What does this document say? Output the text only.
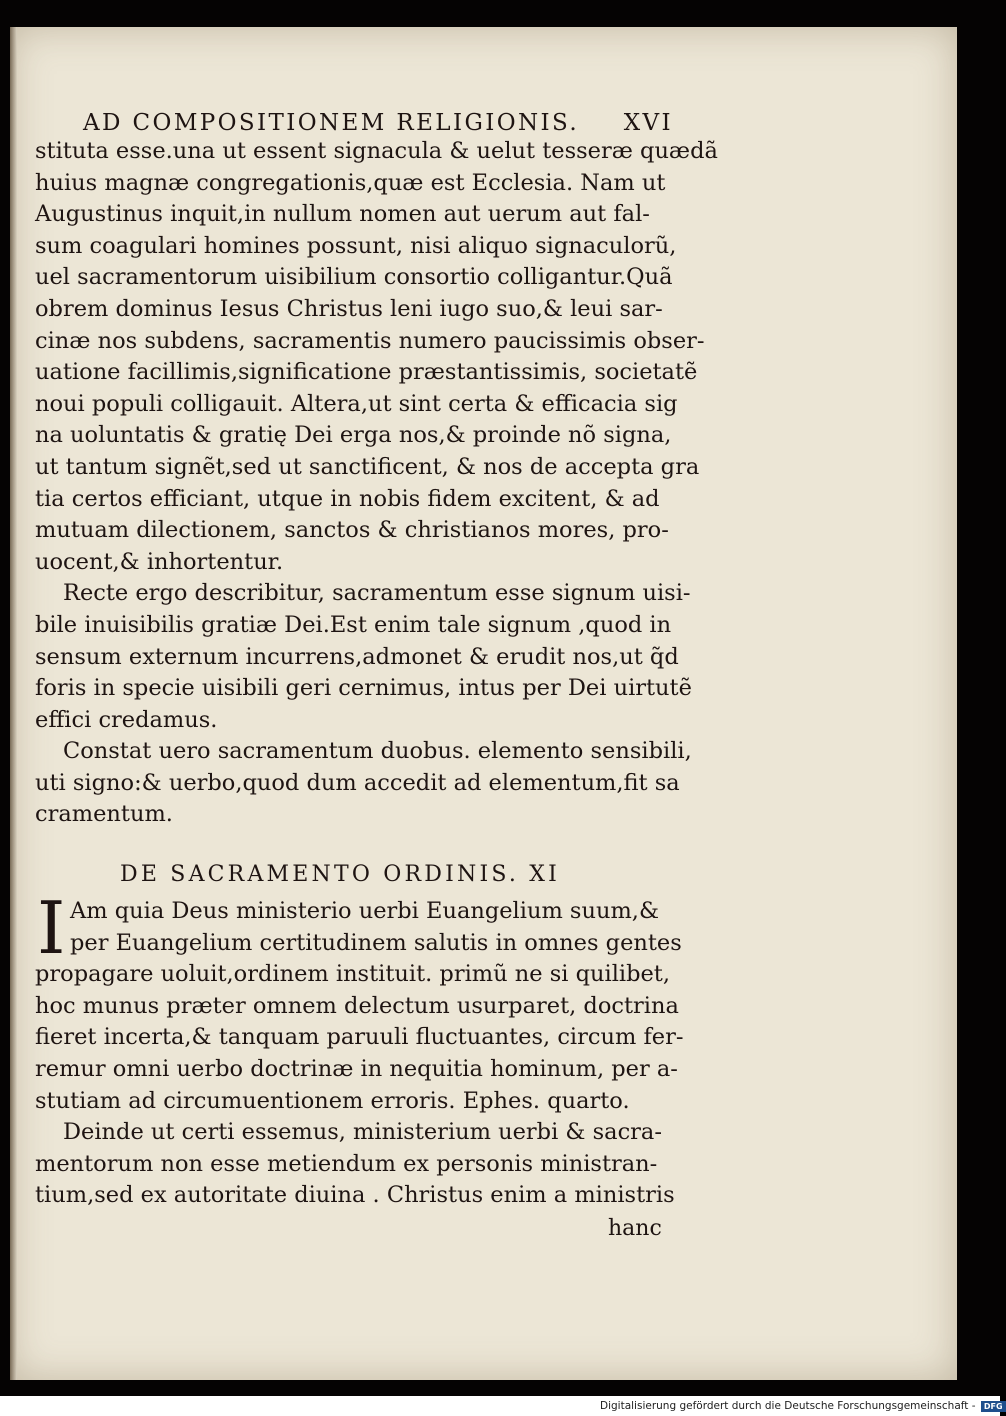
AD COMPOSITIONEM RELIGIONIS. XVI
stituta esse.una ut essent signacula & uelut tesseræ quædã
huius magnæ congregationis,quæ est Ecclesia. Nam ut
Augustinus inquit,in nullum nomen aut uerum aut fal-
sum coagulari homines possunt, nisi aliquo signaculorũ,
uel sacramentorum uisibilium consortio colligantur.Quã
obrem dominus Iesus Christus leni iugo suo,& leui sar-
cinæ nos subdens, sacramentis numero paucissimis obser-
uatione facillimis,significatione præstantissimis, societatẽ
noui populi colligauit. Altera,ut sint certa & efficacia sig
na uoluntatis & gratię Dei erga nos,& proinde nõ signa,
ut tantum signẽt,sed ut sanctificent, & nos de accepta gra
tia certos efficiant, utque in nobis fidem excitent, & ad
mutuam dilectionem, sanctos & christianos mores, pro-
uocent,& inhortentur.
Recte ergo describitur, sacramentum esse signum uisi-
bile inuisibilis gratiæ Dei.Est enim tale signum ,quod in
sensum externum incurrens,admonet & erudit nos,ut q̃d
foris in specie uisibili geri cernimus, intus per Dei uirtutẽ
effici credamus.
Constat uero sacramentum duobus. elemento sensibili,
uti signo:& uerbo,quod dum accedit ad elementum,fit sa
cramentum.
DE SACRAMENTO ORDINIS. XI
I Am quia Deus ministerio uerbi Euangelium suum,&
per Euangelium certitudinem salutis in omnes gentes
propagare uoluit,ordinem instituit. primũ ne si quilibet,
hoc munus præter omnem delectum usurparet, doctrina
fieret incerta,& tanquam paruuli fluctuantes, circum fer-
remur omni uerbo doctrinæ in nequitia hominum, per a-
stutiam ad circumuentionem erroris. Ephes. quarto.
Deinde ut certi essemus, ministerium uerbi & sacra-
mentorum non esse metiendum ex personis ministran-
tium,sed ex autoritate diuina . Christus enim a ministris
hanc
Digitalisierung gefördert durch die Deutsche Forschungsgemeinschaft - DFG
